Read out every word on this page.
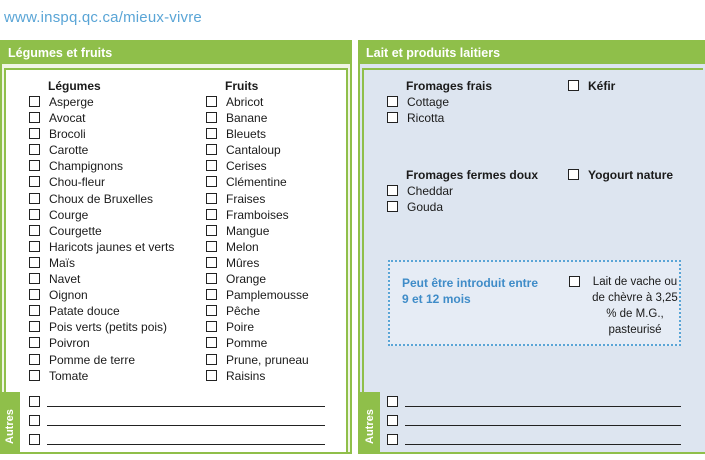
www.inspq.qc.ca/mieux-vivre
Légumes et fruits
Légumes
Asperge
Avocat
Brocoli
Carotte
Champignons
Chou-fleur
Choux de Bruxelles
Courge
Courgette
Haricots jaunes et verts
Maïs
Navet
Oignon
Patate douce
Pois verts (petits pois)
Poivron
Pomme de terre
Tomate
Fruits
Abricot
Banane
Bleuets
Cantaloup
Cerises
Clémentine
Fraises
Framboises
Mangue
Melon
Mûres
Orange
Pamplemousse
Pêche
Poire
Pomme
Prune, pruneau
Raisins
Autres
Lait et produits laitiers
Fromages frais
Cottage
Ricotta
Kéfir
Fromages fermes doux
Cheddar
Gouda
Yogourt nature
Peut être introduit entre 9 et 12 mois
Lait de vache ou de chèvre à 3,25 % de M.G., pasteurisé
Autres
